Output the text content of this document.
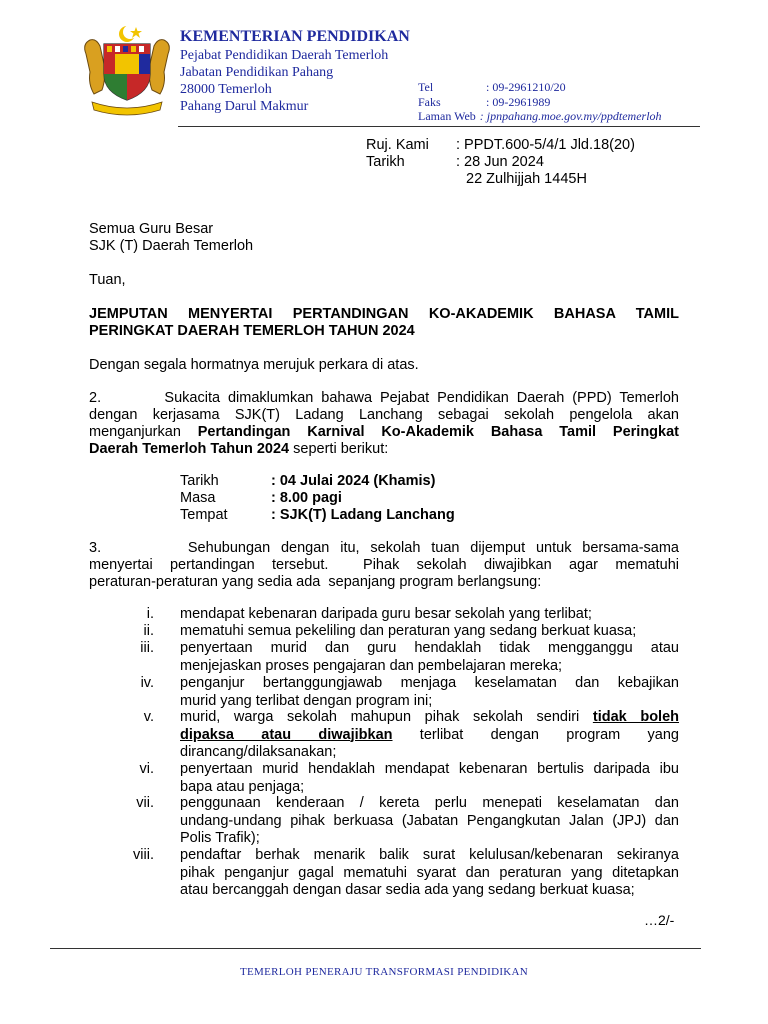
KEMENTERIAN PENDIDIKAN
Pejabat Pendidikan Daerah Temerloh
Jabatan Pendidikan Pahang
28000 Temerloh
Pahang Darul Makmur
Tel	: 09-2961210/20
Faks	: 09-2961989
Laman Web : jpnpahang.moe.gov.my/ppdtemerloh
Ruj. Kami : PPDT.600-5/4/1 Jld.18(20)
Tarikh	: 28 Jun 2024
22 Zulhijjah 1445H
Semua Guru Besar
SJK (T) Daerah Temerloh
Tuan,
JEMPUTAN MENYERTAI PERTANDINGAN KO-AKADEMIK BAHASA TAMIL
PERINGKAT DAERAH TEMERLOH TAHUN 2024
Dengan segala hormatnya merujuk perkara di atas.
2.        Sukacita dimaklumkan bahawa Pejabat Pendidikan Daerah (PPD) Temerloh
dengan kerjasama SJK(T) Ladang Lanchang sebagai sekolah pengelola akan
menganjurkan Pertandingan Karnival Ko-Akademik Bahasa Tamil Peringkat
Daerah Temerloh Tahun 2024 seperti berikut:
Tarikh	: 04 Julai 2024 (Khamis)
Masa	: 8.00 pagi
Tempat	: SJK(T) Ladang Lanchang
3.        Sehubungan dengan itu, sekolah tuan dijemput untuk bersama-sama
menyertai pertandingan tersebut.  Pihak sekolah diwajibkan agar mematuhi
peraturan-peraturan yang sedia ada  sepanjang program berlangsung:
i. mendapat kebenaran daripada guru besar sekolah yang terlibat;
ii. mematuhi semua pekeliling dan peraturan yang sedang berkuat kuasa;
iii. penyertaan murid dan guru hendaklah tidak mengganggu atau
menjejaskan proses pengajaran dan pembelajaran mereka;
iv. penganjur bertanggungjawab menjaga keselamatan dan kebajikan
murid yang terlibat dengan program ini;
v. murid, warga sekolah mahupun pihak sekolah sendiri tidak boleh
dipaksa atau diwajibkan terlibat dengan program yang
dirancang/dilaksanakan;
vi. penyertaan murid hendaklah mendapat kebenaran bertulis daripada ibu
bapa atau penjaga;
vii. penggunaan kenderaan / kereta perlu menepati keselamatan dan
undang-undang pihak berkuasa (Jabatan Pengangkutan Jalan (JPJ) dan
Polis Trafik);
viii. pendaftar berhak menarik balik surat kelulusan/kebenaran sekiranya
pihak penganjur gagal mematuhi syarat dan peraturan yang ditetapkan
atau bercanggah dengan dasar sedia ada yang sedang berkuat kuasa;
…2/-
TEMERLOH PENERAJU TRANSFORMASI PENDIDIKAN
